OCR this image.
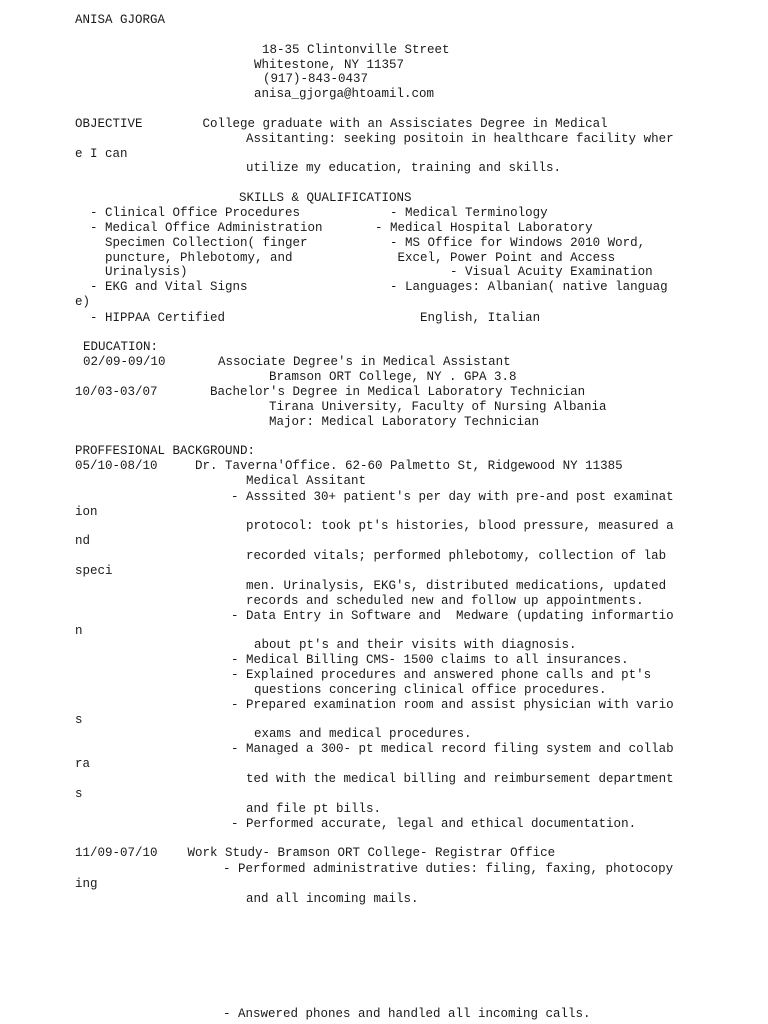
ANISA GJORGA
18-35 Clintonville Street
Whitestone, NY 11357
(917)-843-0437
anisa_gjorga@htoamil.com
OBJECTIVE        College graduate with an Assisciates Degree in Medical
Assitanting: seeking positoin in healthcare facility wher
e I can
utilize my education, training and skills.
SKILLS & QUALIFICATIONS
- Clinical Office Procedures            - Medical Terminology
- Medical Office Administration       - Medical Hospital Laboratory
Specimen Collection( finger           - MS Office for Windows 2010 Word,
puncture, Phlebotomy, and              Excel, Power Point and Access
Urinalysis)                                   - Visual Acuity Examination
- EKG and Vital Signs                   - Languages: Albanian( native languag
e)
- HIPPAA Certified                          English, Italian
EDUCATION:
02/09-09/10       Associate Degree's in Medical Assistant
Bramson ORT College, NY . GPA 3.8
10/03-03/07       Bachelor's Degree in Medical Laboratory Technician
Tirana University, Faculty of Nursing Albania
Major: Medical Laboratory Technician
PROFFESIONAL BACKGROUND:
05/10-08/10     Dr. Taverna'Office. 62-60 Palmetto St, Ridgewood NY 11385
Medical Assitant
- Asssited 30+ patient's per day with pre-and post examinat
ion
protocol: took pt's histories, blood pressure, measured a
nd
recorded vitals; performed phlebotomy, collection of lab
speci
men. Urinalysis, EKG's, distributed medications, updated
records and scheduled new and follow up appointments.
- Data Entry in Software and  Medware (updating informartio
n
about pt's and their visits with diagnosis.
- Medical Billing CMS- 1500 claims to all insurances.
- Explained procedures and answered phone calls and pt's
questions concering clinical office procedures.
- Prepared examination room and assist physician with vario
s
exams and medical procedures.
- Managed a 300- pt medical record filing system and collab
ra
ted with the medical billing and reimbursement department
s
and file pt bills.
- Performed accurate, legal and ethical documentation.
11/09-07/10    Work Study- Bramson ORT College- Registrar Office
- Performed administrative duties: filing, faxing, photocopy
ing
and all incoming mails.
- Answered phones and handled all incoming calls.
